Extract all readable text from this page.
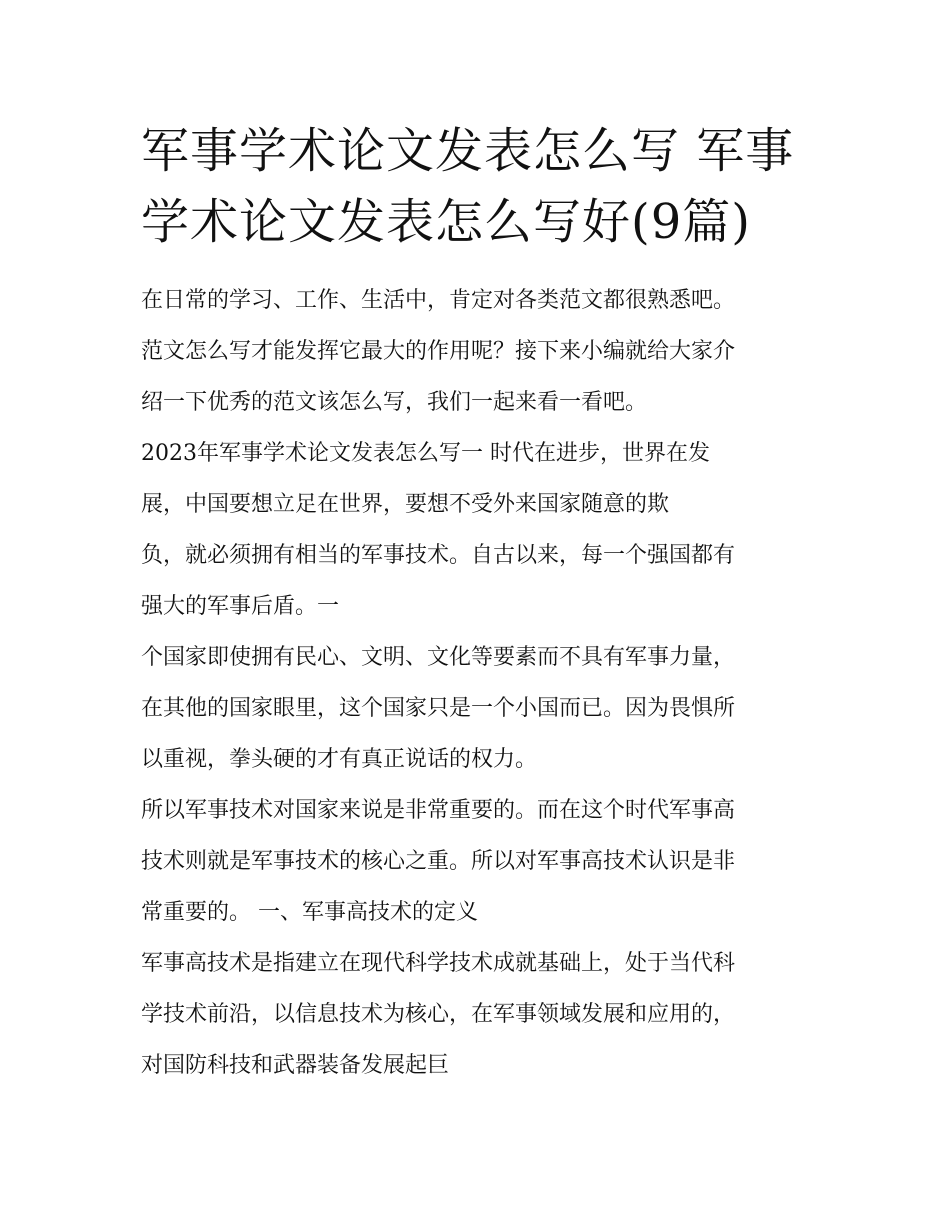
军事学术论文发表怎么写 军事
学术论文发表怎么写好(9篇)

在日常的学习、工作、生活中，肯定对各类范文都很熟悉吧。
范文怎么写才能发挥它最大的作用呢？接下来小编就给大家介
绍一下优秀的范文该怎么写，我们一起来看一看吧。

2023年军事学术论文发表怎么写一 时代在进步，世界在发
展，中国要想立足在世界，要想不受外来国家随意的欺
负，就必须拥有相当的军事技术。自古以来，每一个强国都有
强大的军事后盾。一

个国家即使拥有民心、文明、文化等要素而不具有军事力量，
在其他的国家眼里，这个国家只是一个小国而已。因为畏惧所
以重视，拳头硬的才有真正说话的权力。

所以军事技术对国家来说是非常重要的。而在这个时代军事高
技术则就是军事技术的核心之重。所以对军事高技术认识是非
常重要的。 一、军事高技术的定义

军事高技术是指建立在现代科学技术成就基础上，处于当代科
学技术前沿，以信息技术为核心，在军事领域发展和应用的，
对国防科技和武器装备发展起巨
